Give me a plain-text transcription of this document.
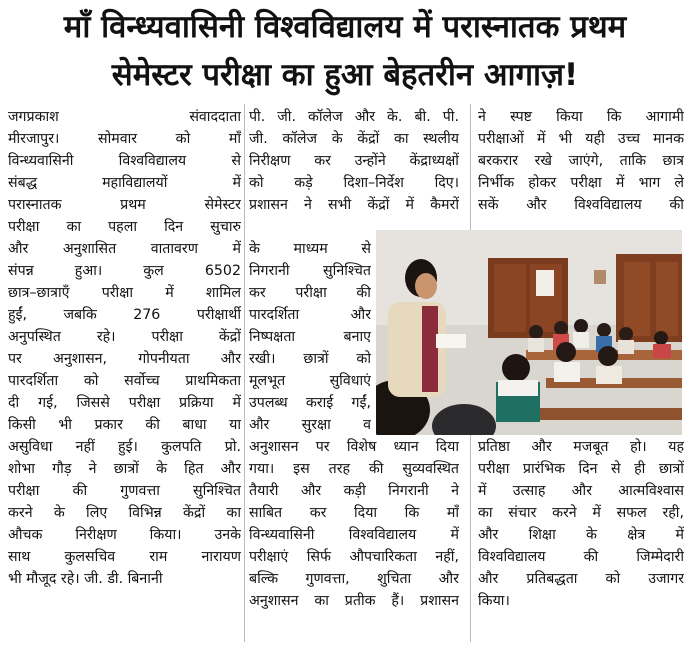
माँ विन्ध्यवासिनी विश्वविद्यालय में परास्नातक प्रथम
सेमेस्टर परीक्षा का हुआ बेहतरीन आगाज़!
जगप्रकाश संवाददाता
मीरजापुर। सोमवार को माँ
विन्ध्यवासिनी विश्वविद्यालय से
संबद्ध महाविद्यालयों में
परास्नातक प्रथम सेमेस्टर
परीक्षा का पहला दिन सुचारु
और अनुशासित वातावरण में
संपन्न हुआ। कुल 6502
छात्र–छात्राएँ परीक्षा में शामिल
हुईं, जबकि 276 परीक्षार्थी
अनुपस्थित रहे। परीक्षा केंद्रों
पर अनुशासन, गोपनीयता और
पारदर्शिता को सर्वोच्च प्राथमिकता
दी गई, जिससे परीक्षा प्रक्रिया में
किसी भी प्रकार की बाधा या
असुविधा नहीं हुई। कुलपति प्रो.
शोभा गौड़ ने छात्रों के हित और
परीक्षा की गुणवत्ता सुनिश्चित
करने के लिए विभिन्न केंद्रों का
औचक निरीक्षण किया। उनके
साथ कुलसचिव राम नारायण
भी मौजूद रहे। जी. डी. बिनानी
पी. जी. कॉलेज और के. बी. पी.
जी. कॉलेज के केंद्रों का स्थलीय
निरीक्षण कर उन्होंने केंद्राध्यक्षों
को कड़े दिशा–निर्देश दिए।
प्रशासन ने सभी केंद्रों में कैमरों
के माध्यम से
निगरानी सुनिश्चित
कर परीक्षा की
पारदर्शिता और
निष्पक्षता बनाए
रखी। छात्रों को
मूलभूत सुविधाएं
उपलब्ध कराई गईं,
और सुरक्षा व
अनुशासन पर विशेष ध्यान दिया
गया। इस तरह की सुव्यवस्थित
तैयारी और कड़ी निगरानी ने
साबित कर दिया कि माँ
विन्ध्यवासिनी विश्वविद्यालय में
परीक्षाएं सिर्फ औपचारिकता नहीं,
बल्कि गुणवत्ता, शुचिता और
अनुशासन का प्रतीक हैं। प्रशासन
ने स्पष्ट किया कि आगामी
परीक्षाओं में भी यही उच्च मानक
बरकरार रखे जाएंगे, ताकि छात्र
निर्भीक होकर परीक्षा में भाग ले
सकें और विश्वविद्यालय की
प्रतिष्ठा और मजबूत हो। यह
परीक्षा प्रारंभिक दिन से ही छात्रों
में उत्साह और आत्मविश्वास
का संचार करने में सफल रही,
और शिक्षा के क्षेत्र में
विश्वविद्यालय की जिम्मेदारी
और प्रतिबद्धता को उजागर
किया।
